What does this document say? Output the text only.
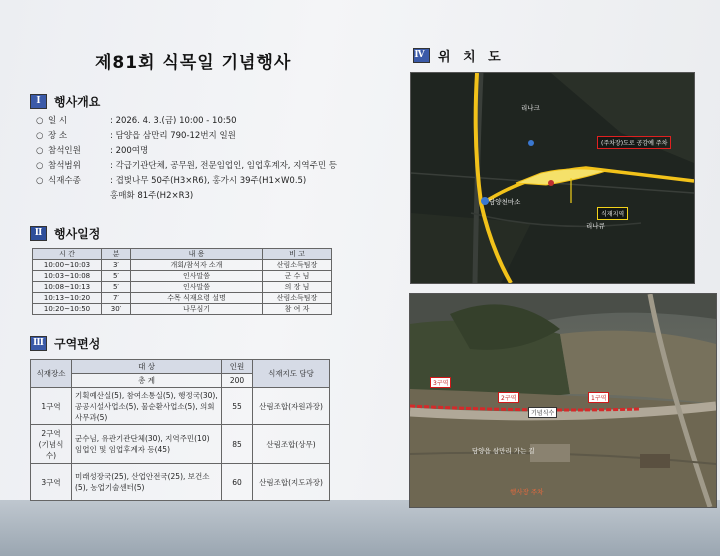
제81회 식목일 기념행사
Ⅰ	행사개요
○ 일 시	: 2026. 4. 3.(금) 10:00 - 10:50
○ 장 소	: 담양읍 삼만리 790-12번지 일원
○ 참석인원	: 200여명
○ 참석범위	: 각급기관단체, 공무원, 전문임업인, 임업후계자, 지역주민 등
○ 식재수종	: 겹벚나무 50주(H3×R6), 홍가시 39주(H1×W0.5)
홍매화 81주(H2×R3)
Ⅱ 행사일정
시 간	분	내 용	비 고
10:00~10:03	3′	개회/참석자 소개	산림소득팀장
10:03~10:08	5′	인사말씀	군 수 님
10:08~10:13	5′	인사말씀	의 장 님
10:13~10:20	7′	수목 식재요령 설명	산림소득팀장
10:20~10:50	30′	나무심기	참 여 자
Ⅲ 구역편성
식재장소	대 상	인원	식재지도 담당
	총 계	200	
1구역	기획예산실(5), 참여소통실(5), 행정국(30), 공공시설사업소(5), 물순환사업소(5), 의회사무과(5)	55	산림조합(자원과장)
2구역
(기념식수)	군수님, 유관기관단체(30), 지역주민(10) 임업인 및 임업후계자 등(45)	85	산림조합(상무)
3구역	미래성장국(25), 산업안전국(25), 보건소(5), 농업기술센터(5)	60	산림조합(지도과장)
Ⅳ 위 치 도
담양천마소
리나크
리나큐
(주차장)도로 공감예 주차
식재지역
3구역
2구역	1구역
기념식수
담양읍 삼만리 가는 길
행사장 주차
